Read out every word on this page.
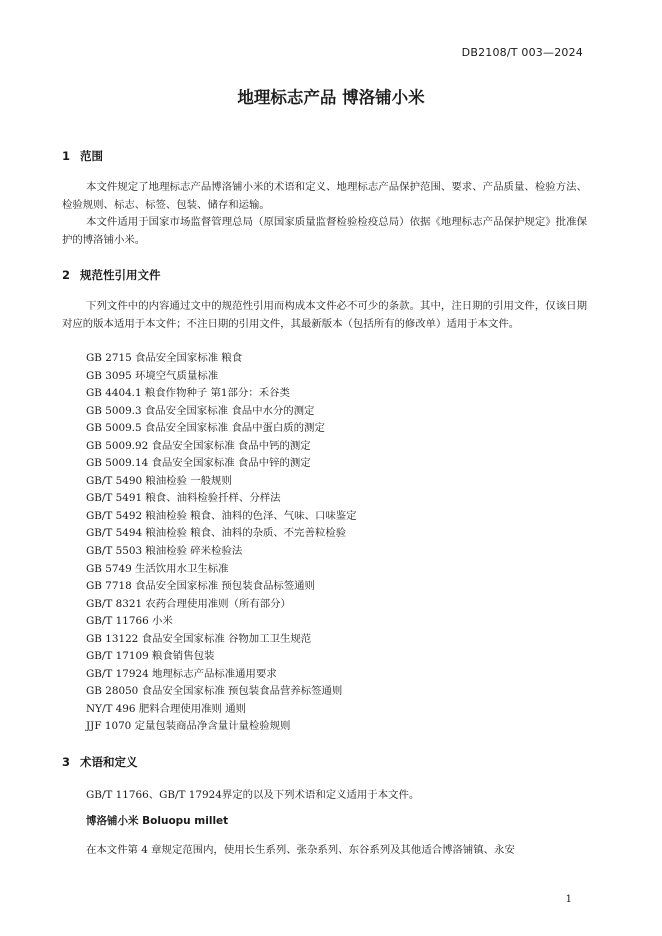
DB2108/T 003—2024
地理标志产品 博洛铺小米
1 范围
本文件规定了地理标志产品博洛铺小米的术语和定义、地理标志产品保护范围、要求、产品质量、检验方法、检验规则、标志、标签、包装、储存和运输。
本文件适用于国家市场监督管理总局（原国家质量监督检验检疫总局）依据《地理标志产品保护规定》批准保护的博洛铺小米。
2 规范性引用文件
下列文件中的内容通过文中的规范性引用而构成本文件必不可少的条款。其中，注日期的引用文件，仅该日期对应的版本适用于本文件；不注日期的引用文件，其最新版本（包括所有的修改单）适用于本文件。
GB 2715 食品安全国家标准 粮食
GB 3095 环境空气质量标准
GB 4404.1 粮食作物种子 第1部分：禾谷类
GB 5009.3 食品安全国家标准 食品中水分的测定
GB 5009.5 食品安全国家标准 食品中蛋白质的测定
GB 5009.92 食品安全国家标准 食品中钙的测定
GB 5009.14 食品安全国家标准 食品中锌的测定
GB/T 5490 粮油检验 一般规则
GB/T 5491 粮食、油料检验扦样、分样法
GB/T 5492 粮油检验 粮食、油料的色泽、气味、口味鉴定
GB/T 5494 粮油检验 粮食、油料的杂质、不完善粒检验
GB/T 5503 粮油检验 碎米检验法
GB 5749 生活饮用水卫生标准
GB 7718 食品安全国家标准 预包装食品标签通则
GB/T 8321 农药合理使用准则（所有部分）
GB/T 11766 小米
GB 13122 食品安全国家标准 谷物加工卫生规范
GB/T 17109 粮食销售包装
GB/T 17924 地理标志产品标准通用要求
GB 28050 食品安全国家标准 预包装食品营养标签通则
NY/T 496 肥料合理使用准则 通则
JJF 1070 定量包装商品净含量计量检验规则
3 术语和定义
GB/T 11766、GB/T 17924界定的以及下列术语和定义适用于本文件。
博洛铺小米 Boluopu millet
在本文件第 4 章规定范围内，使用长生系列、张杂系列、东谷系列及其他适合博洛铺镇、永安
1
